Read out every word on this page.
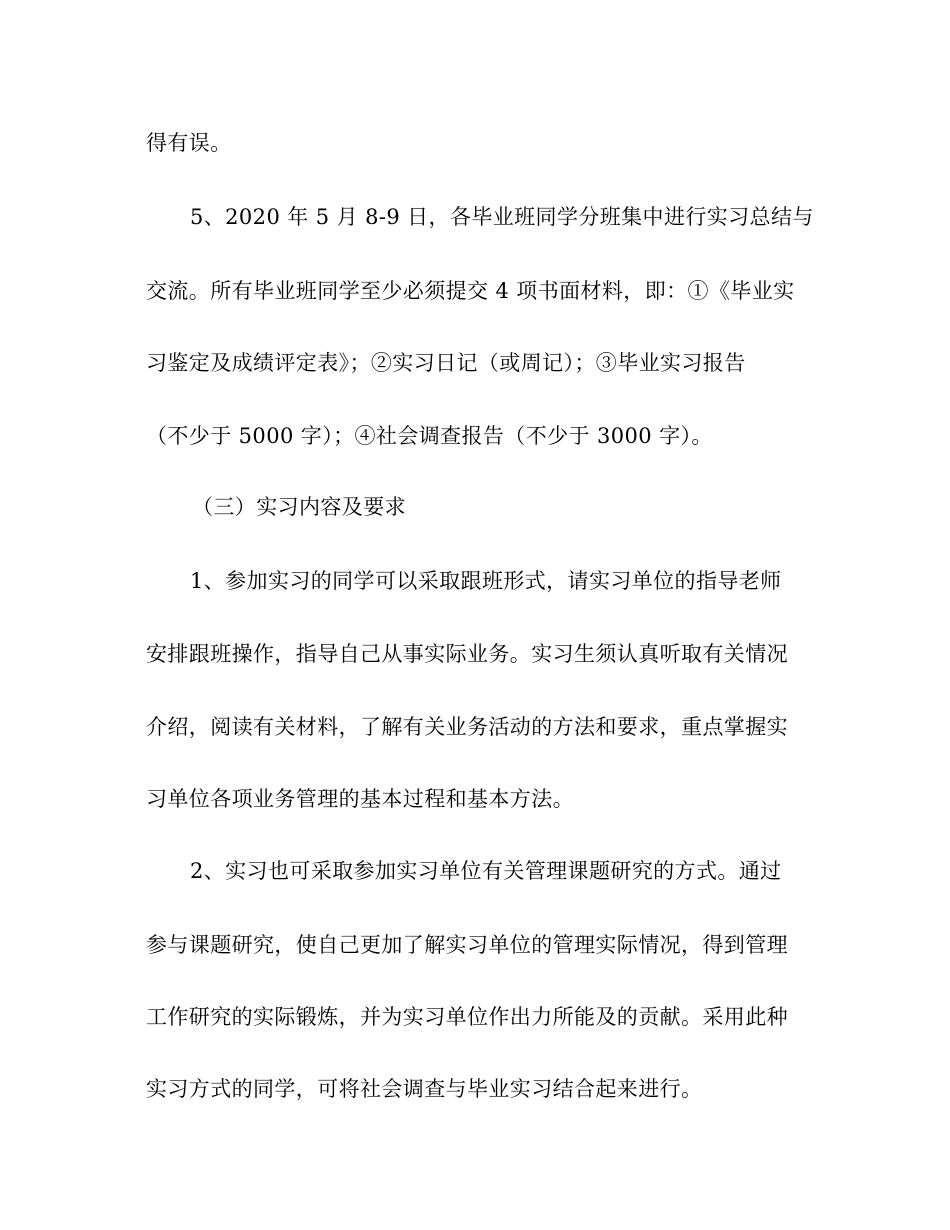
得有误。
5、2020 年 5 月 8-9 日，各毕业班同学分班集中进行实习总结与
交流。所有毕业班同学至少必须提交 4 项书面材料，即：①《毕业实
习鉴定及成绩评定表》；②实习日记（或周记）；③毕业实习报告
（不少于 5000 字）；④社会调查报告（不少于 3000 字）。
（三）实习内容及要求
1、参加实习的同学可以采取跟班形式，请实习单位的指导老师
安排跟班操作，指导自己从事实际业务。实习生须认真听取有关情况
介绍，阅读有关材料，了解有关业务活动的方法和要求，重点掌握实
习单位各项业务管理的基本过程和基本方法。
2、实习也可采取参加实习单位有关管理课题研究的方式。通过
参与课题研究，使自己更加了解实习单位的管理实际情况，得到管理
工作研究的实际锻炼，并为实习单位作出力所能及的贡献。采用此种
实习方式的同学，可将社会调查与毕业实习结合起来进行。
